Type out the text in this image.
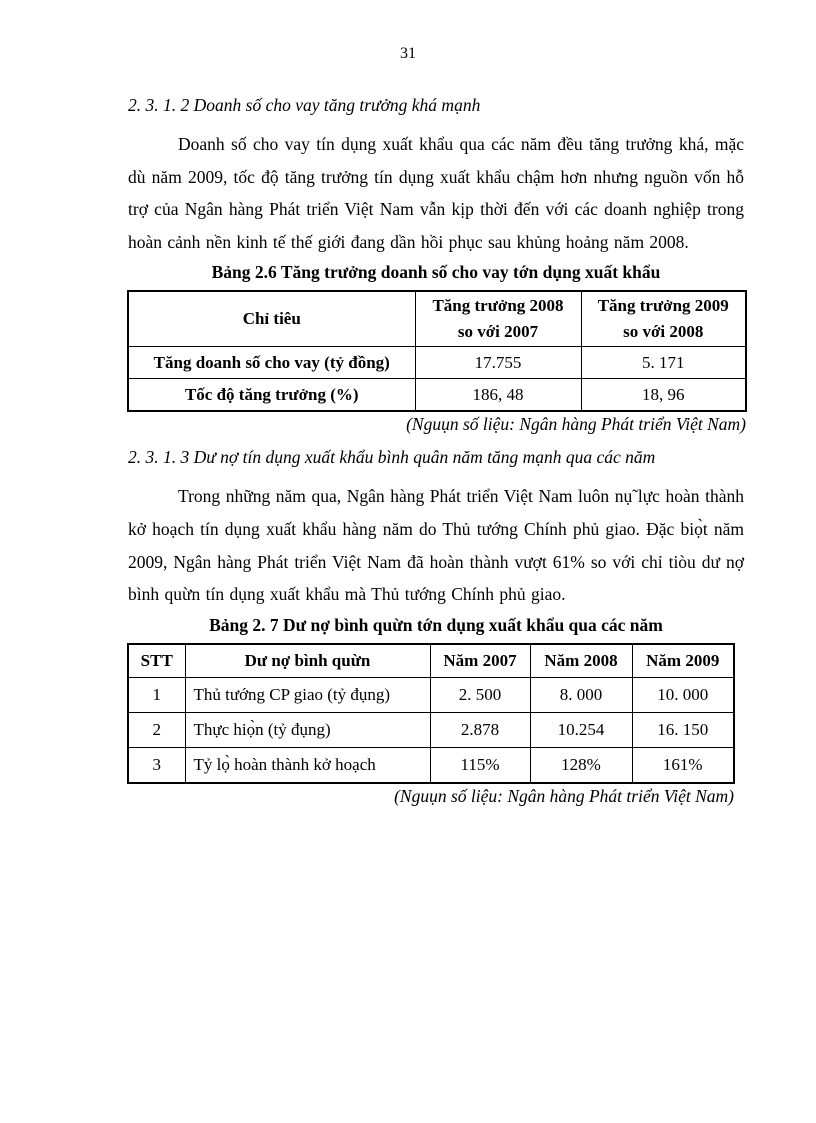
31
2. 3. 1. 2 Doanh số cho vay tăng trưởng khá mạnh
Doanh số cho vay tín dụng xuất khẩu qua các năm đều tăng trưởng khá, mặc dù năm 2009, tốc độ tăng trưởng tín dụng xuất khẩu chậm hơn nhưng nguồn vốn hỗ trợ của Ngân hàng Phát triển Việt Nam vẫn kịp thời đến với các doanh nghiệp trong hoàn cảnh nền kinh tế thế giới đang dần hồi phục sau khủng hoảng năm 2008.
Bảng 2.6 Tăng trưởng doanh số cho vay tớn dụng xuất khẩu
Chỉ tiêu	Tăng trưởng 2008 so với 2007	Tăng trưởng 2009 so với 2008
Tăng doanh số cho vay (tỷ đồng)	17.755	5. 171
Tốc độ tăng trưởng (%)	186, 48	18, 96
(Nguụn số liệu: Ngân hàng Phát triển Việt Nam)
2. 3. 1. 3 Dư nợ tín dụng xuất khẩu bình quân năm tăng mạnh qua các năm
Trong những năm qua, Ngân hàng Phát triển Việt Nam luôn nụ̃ lực hoàn thành kở hoạch tín dụng xuất khẩu hàng năm do Thủ tướng Chính phủ giao. Đặc biọ̀t năm 2009, Ngân hàng Phát triển Việt Nam đã hoàn thành vượt 61% so với chỉ tiòu dư nợ bình quừn tín dụng xuất khẩu mà Thủ tướng Chính phủ giao.
Bảng 2. 7 Dư nợ bình quừn tớn dụng xuất khẩu qua các năm
STT	Dư nợ bình quừn	Năm 2007	Năm 2008	Năm 2009
1	Thủ tướng CP giao (tỷ đụng)	2. 500	8. 000	10. 000
2	Thực hiọ̀n (tỷ đụng)	2.878	10.254	16. 150
3	Tỷ lọ̀ hoàn thành kở hoạch	115%	128%	161%
(Nguụn số liệu: Ngân hàng Phát triển Việt Nam)
